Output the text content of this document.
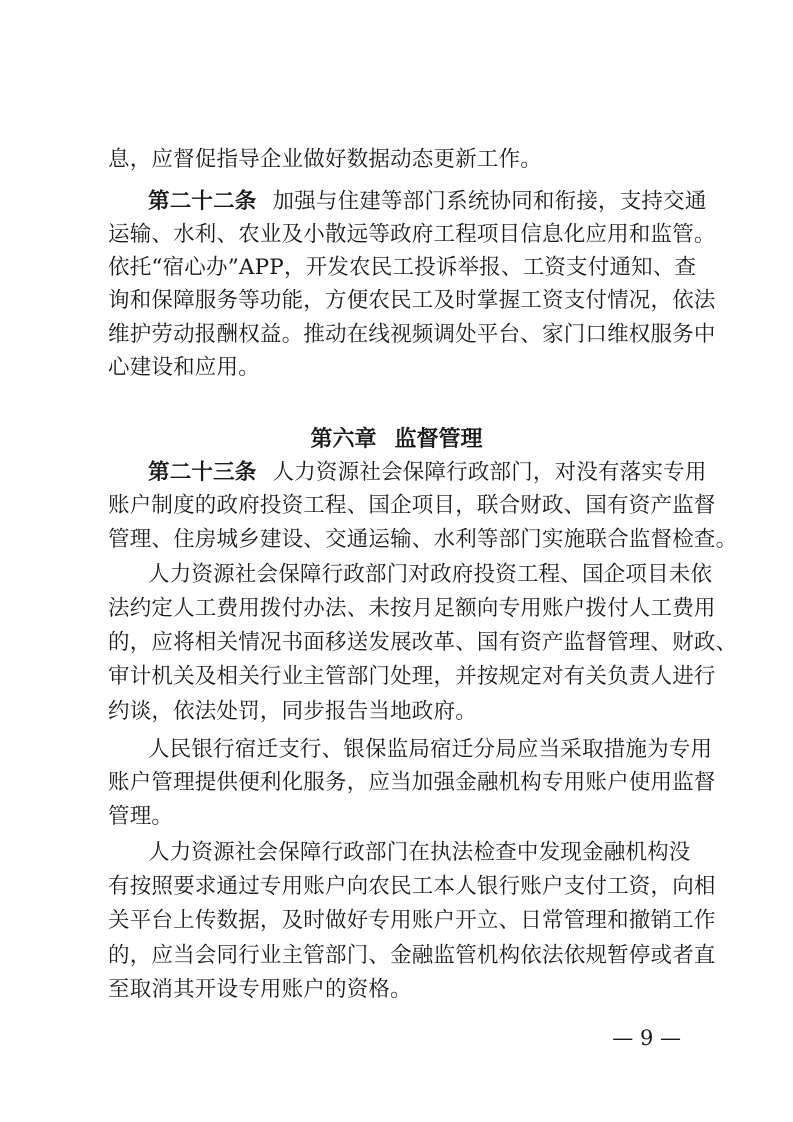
息，应督促指导企业做好数据动态更新工作。
第二十二条 加强与住建等部门系统协同和衔接，支持交通
运输、水利、农业及小散远等政府工程项目信息化应用和监管。
依托“宿心办”APP，开发农民工投诉举报、工资支付通知、查
询和保障服务等功能，方便农民工及时掌握工资支付情况，依法
维护劳动报酬权益。推动在线视频调处平台、家门口维权服务中
心建设和应用。
第六章 监督管理
第二十三条 人力资源社会保障行政部门，对没有落实专用
账户制度的政府投资工程、国企项目，联合财政、国有资产监督
管理、住房城乡建设、交通运输、水利等部门实施联合监督检查。
人力资源社会保障行政部门对政府投资工程、国企项目未依
法约定人工费用拨付办法、未按月足额向专用账户拨付人工费用
的，应将相关情况书面移送发展改革、国有资产监督管理、财政、
审计机关及相关行业主管部门处理，并按规定对有关负责人进行
约谈，依法处罚，同步报告当地政府。
人民银行宿迁支行、银保监局宿迁分局应当采取措施为专用
账户管理提供便利化服务，应当加强金融机构专用账户使用监督
管理。
人力资源社会保障行政部门在执法检查中发现金融机构没
有按照要求通过专用账户向农民工本人银行账户支付工资，向相
关平台上传数据，及时做好专用账户开立、日常管理和撤销工作
的，应当会同行业主管部门、金融监管机构依法依规暂停或者直
至取消其开设专用账户的资格。
— 9 —
